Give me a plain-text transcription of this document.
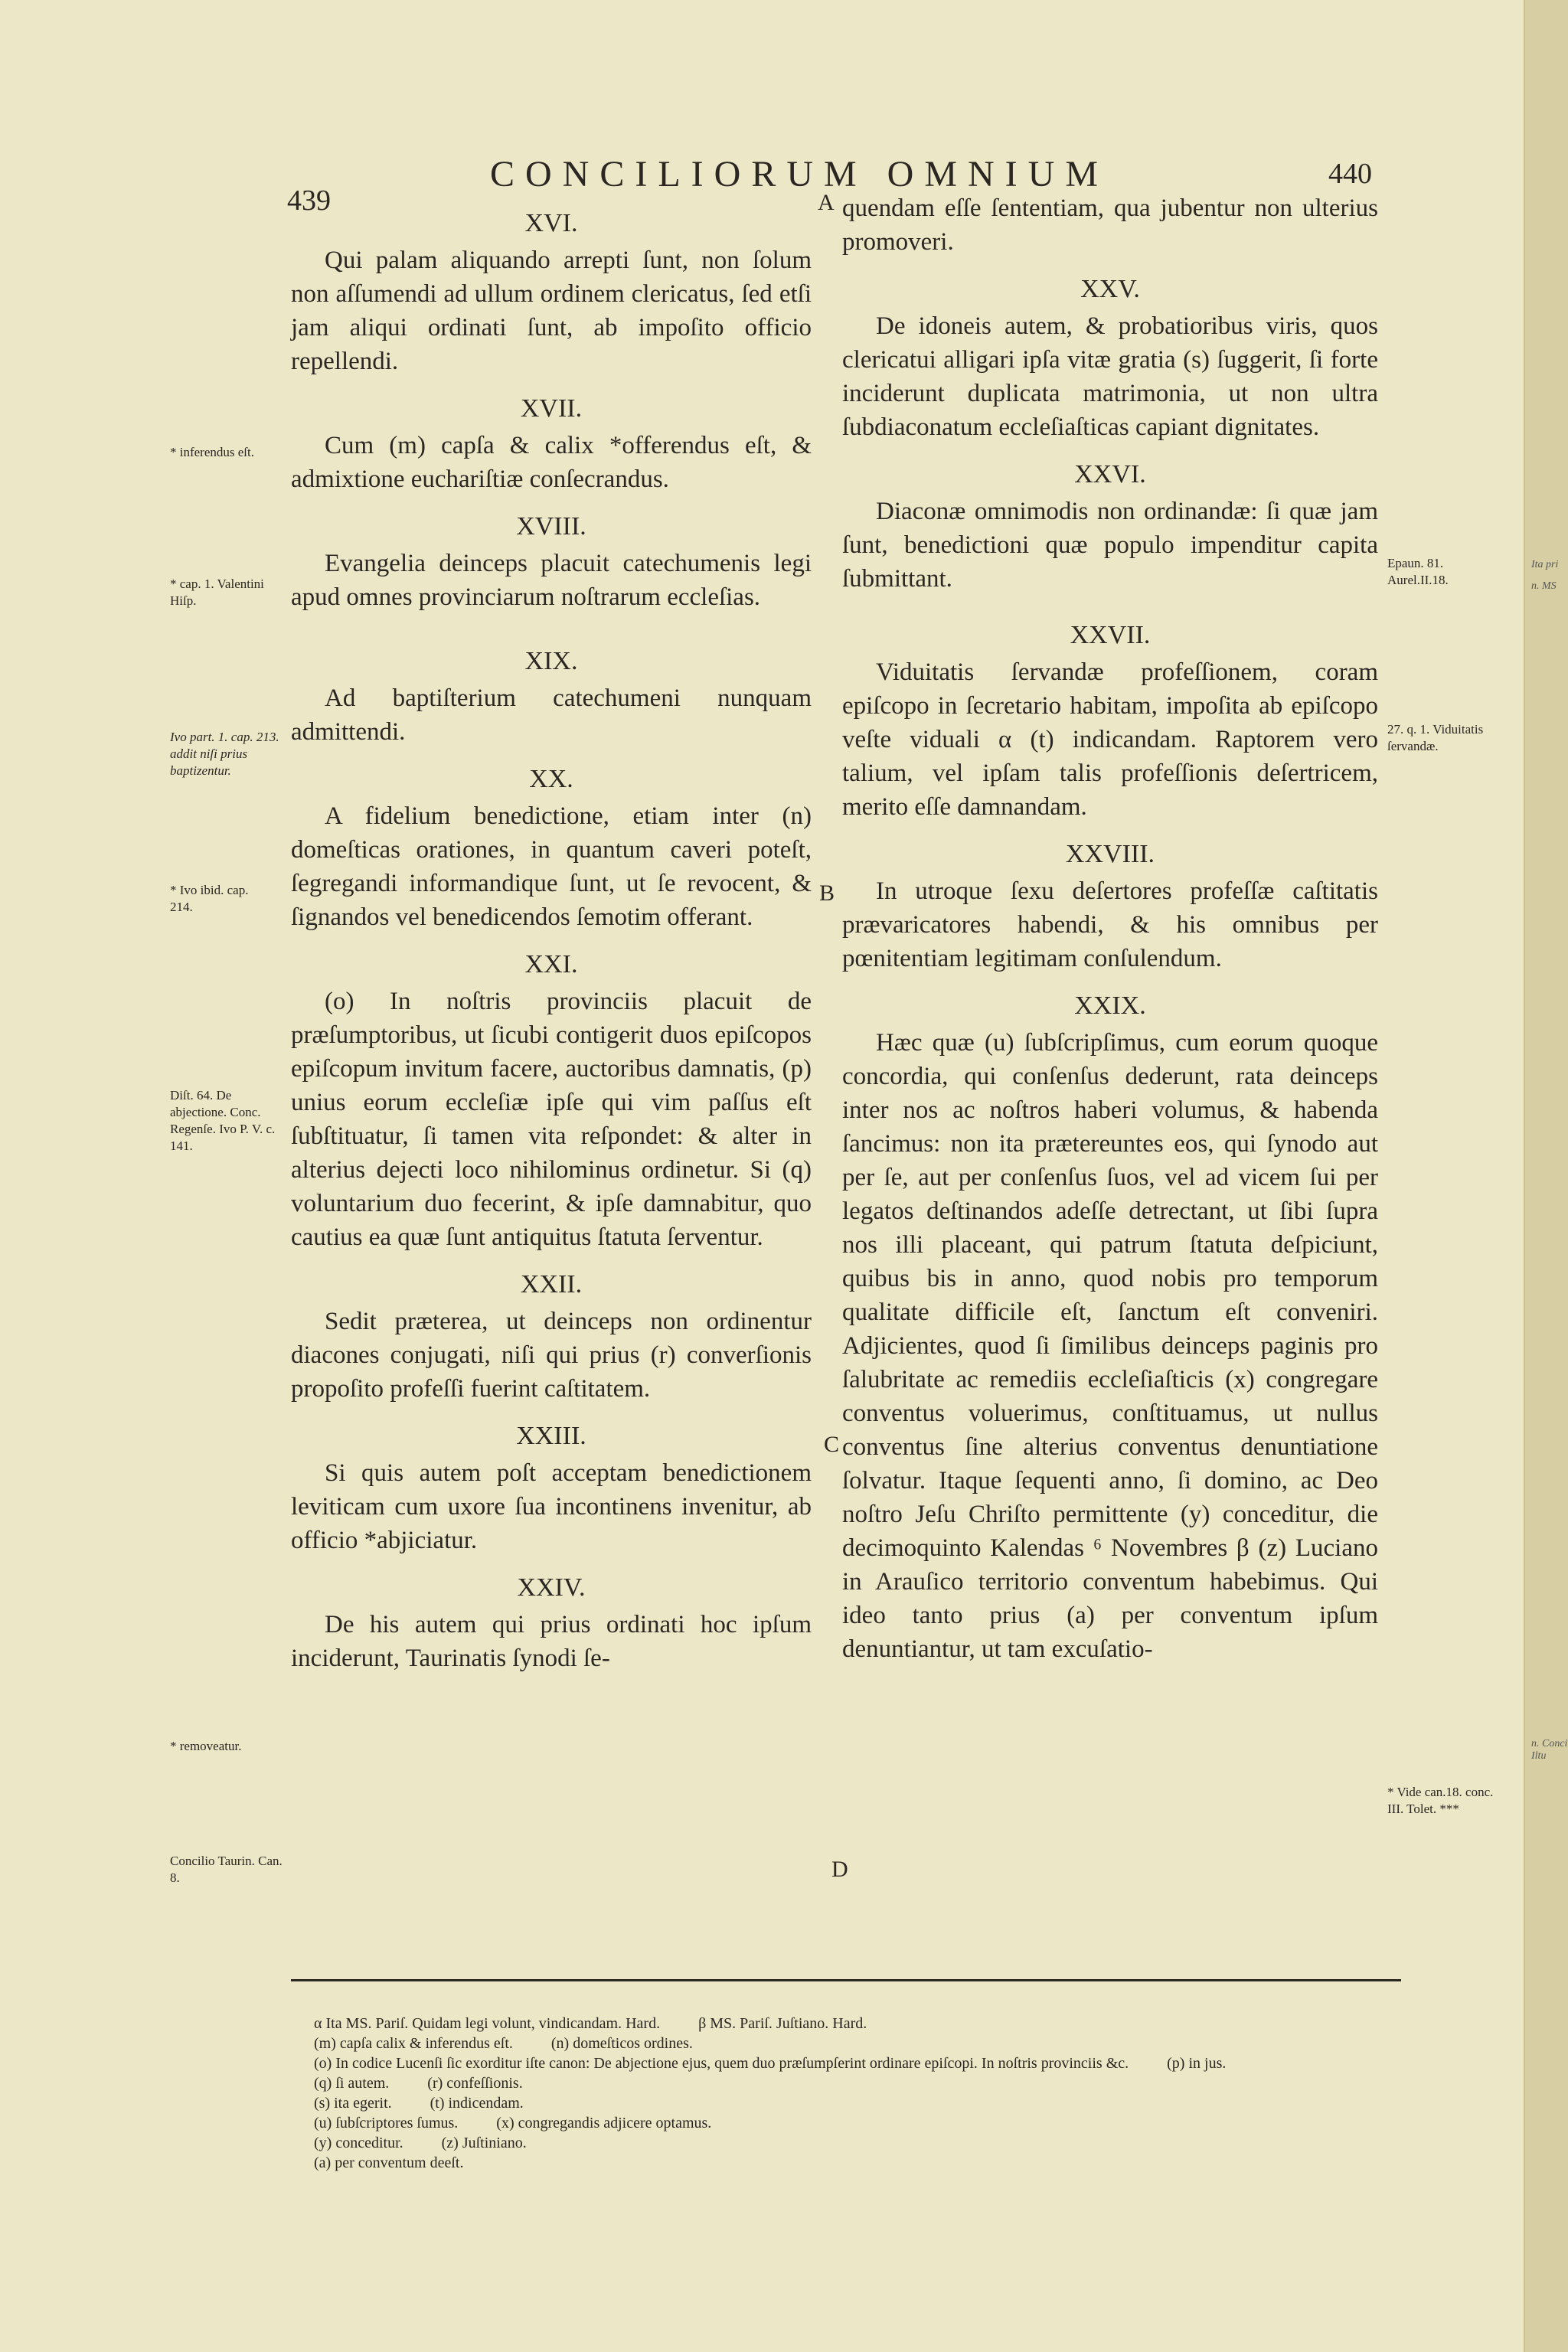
Ita pri
n. MS
n. Conci Iltu
439
CONCILIORUM OMNIUM	440
XVI.

Qui palam aliquando arrepti ſunt, non ſolum non aſſumendi ad ullum ordinem clericatus, ſed etſi jam aliqui ordinati ſunt, ab impoſito officio repellendi.

XVII.

Cum (m) capſa & calix *offerendus eſt, & admixtione euchariſtiæ conſecrandus.

XVIII.

Evangelia deinceps placuit catechumenis legi apud omnes provinciarum noſtrarum eccleſias.

XIX.

Ad baptiſterium catechumeni nunquam admittendi.

XX.

A fidelium benedictione, etiam inter (n) domeſticas orationes, in quantum caveri poteſt, ſegregandi informandique ſunt, ut ſe revocent, & ſignandos vel benedicendos ſemotim offerant.

XXI.

(o) In noſtris provinciis placuit de præſumptoribus, ut ſicubi contigerit duos epiſcopos epiſcopum invitum facere, auctoribus damnatis, (p) unius eorum eccleſiæ ipſe qui vim paſſus eſt ſubſtituatur, ſi tamen vita reſpondet: & alter in alterius dejecti loco nihilominus ordinetur. Si (q) voluntarium duo fecerint, & ipſe damnabitur, quo cautius ea quæ ſunt antiquitus ſtatuta ſerventur.

XXII.

Sedit præterea, ut deinceps non ordinentur diacones conjugati, niſi qui prius (r) converſionis propoſito profeſſi fuerint caſtitatem.

XXIII.

Si quis autem poſt acceptam benedictionem leviticam cum uxore ſua incontinens invenitur, ab officio *abjiciatur.

XXIV.

De his autem qui prius ordinati hoc ipſum inciderunt, Taurinatis ſynodi ſe-

quendam eſſe ſententiam, qua jubentur non ulterius promoveri.

XXV.

De idoneis autem, & probatioribus viris, quos clericatui alligari ipſa vitæ gratia (s) ſuggerit, ſi forte inciderunt duplicata matrimonia, ut non ultra ſubdiaconatum eccleſiaſticas capiant dignitates.

XXVI.

Diaconæ omnimodis non ordinandæ: ſi quæ jam ſunt, benedictioni quæ populo impenditur capita ſubmittant.

XXVII.

Viduitatis ſervandæ profeſſionem, coram epiſcopo in ſecretario habitam, impoſita ab epiſcopo veſte viduali α (t) indicandam. Raptorem vero talium, vel ipſam talis profeſſionis deſertricem, merito eſſe damnandam.

XXVIII.

In utroque ſexu deſertores profeſſæ caſtitatis prævaricatores habendi, & his omnibus per pœnitentiam legitimam conſulendum.

XXIX.

Hæc quæ (u) ſubſcripſimus, cum eorum quoque concordia, qui conſenſus dederunt, rata deinceps inter nos ac noſtros haberi volumus, & habenda ſancimus: non ita prætereuntes eos, qui ſynodo aut per ſe, aut per conſenſus ſuos, vel ad vicem ſui per legatos deſtinandos adeſſe detrectant, ut ſibi ſupra nos illi placeant, qui patrum ſtatuta deſpiciunt, quibus bis in anno, quod nobis pro temporum qualitate difficile eſt, ſanctum eſt conveniri. Adjicientes, quod ſi ſimilibus deinceps paginis pro ſalubritate ac remediis eccleſiaſticis (x) congregare conventus voluerimus, conſtituamus, ut nullus conventus ſine alterius conventus denuntiatione ſolvatur. Itaque ſequenti anno, ſi domino, ac Deo noſtro Jeſu Chriſto permittente (y) conceditur, die decimoquinto Kalendas ⁶ Novembres β (z) Luciano in Arauſico territorio conventum habebimus. Qui ideo tanto prius (a) per conventum ipſum denuntiantur, ut tam excuſatio-

A
B
C
D
* inferendus eſt.
* cap. 1. Valentini Hiſp.
Ivo part. 1. cap. 213. addit niſi prius baptizentur.
* Ivo ibid. cap. 214.
Diſt. 64. De abjectione. Conc. Regenſe. Ivo P. V. c. 141.
* removeatur.
Concilio Taurin. Can. 8.
Epaun. 81. Aurel.II.18.
27. q. 1. Viduitatis ſervandæ.
* Vide can.18. conc. III. Tolet. ***
α Ita MS. Pariſ. Quidam legi volunt, vindicandam. Hard.          β MS. Pariſ. Juſtiano. Hard.
(m) capſa calix & inferendus eſt.          (n) domeſticos ordines.
(o) In codice Lucenſi ſic exorditur iſte canon: De abjectione ejus, quem duo præſumpſerint ordinare epiſcopi. In noſtris provinciis &c.          (p) in jus.
(q) ſi autem.          (r) confeſſionis.
(s) ita egerit.          (t) indicendam.
(u) ſubſcriptores ſumus.          (x) congregandis adjicere optamus.
(y) conceditur.          (z) Juſtiniano.
(a) per conventum deeſt.
